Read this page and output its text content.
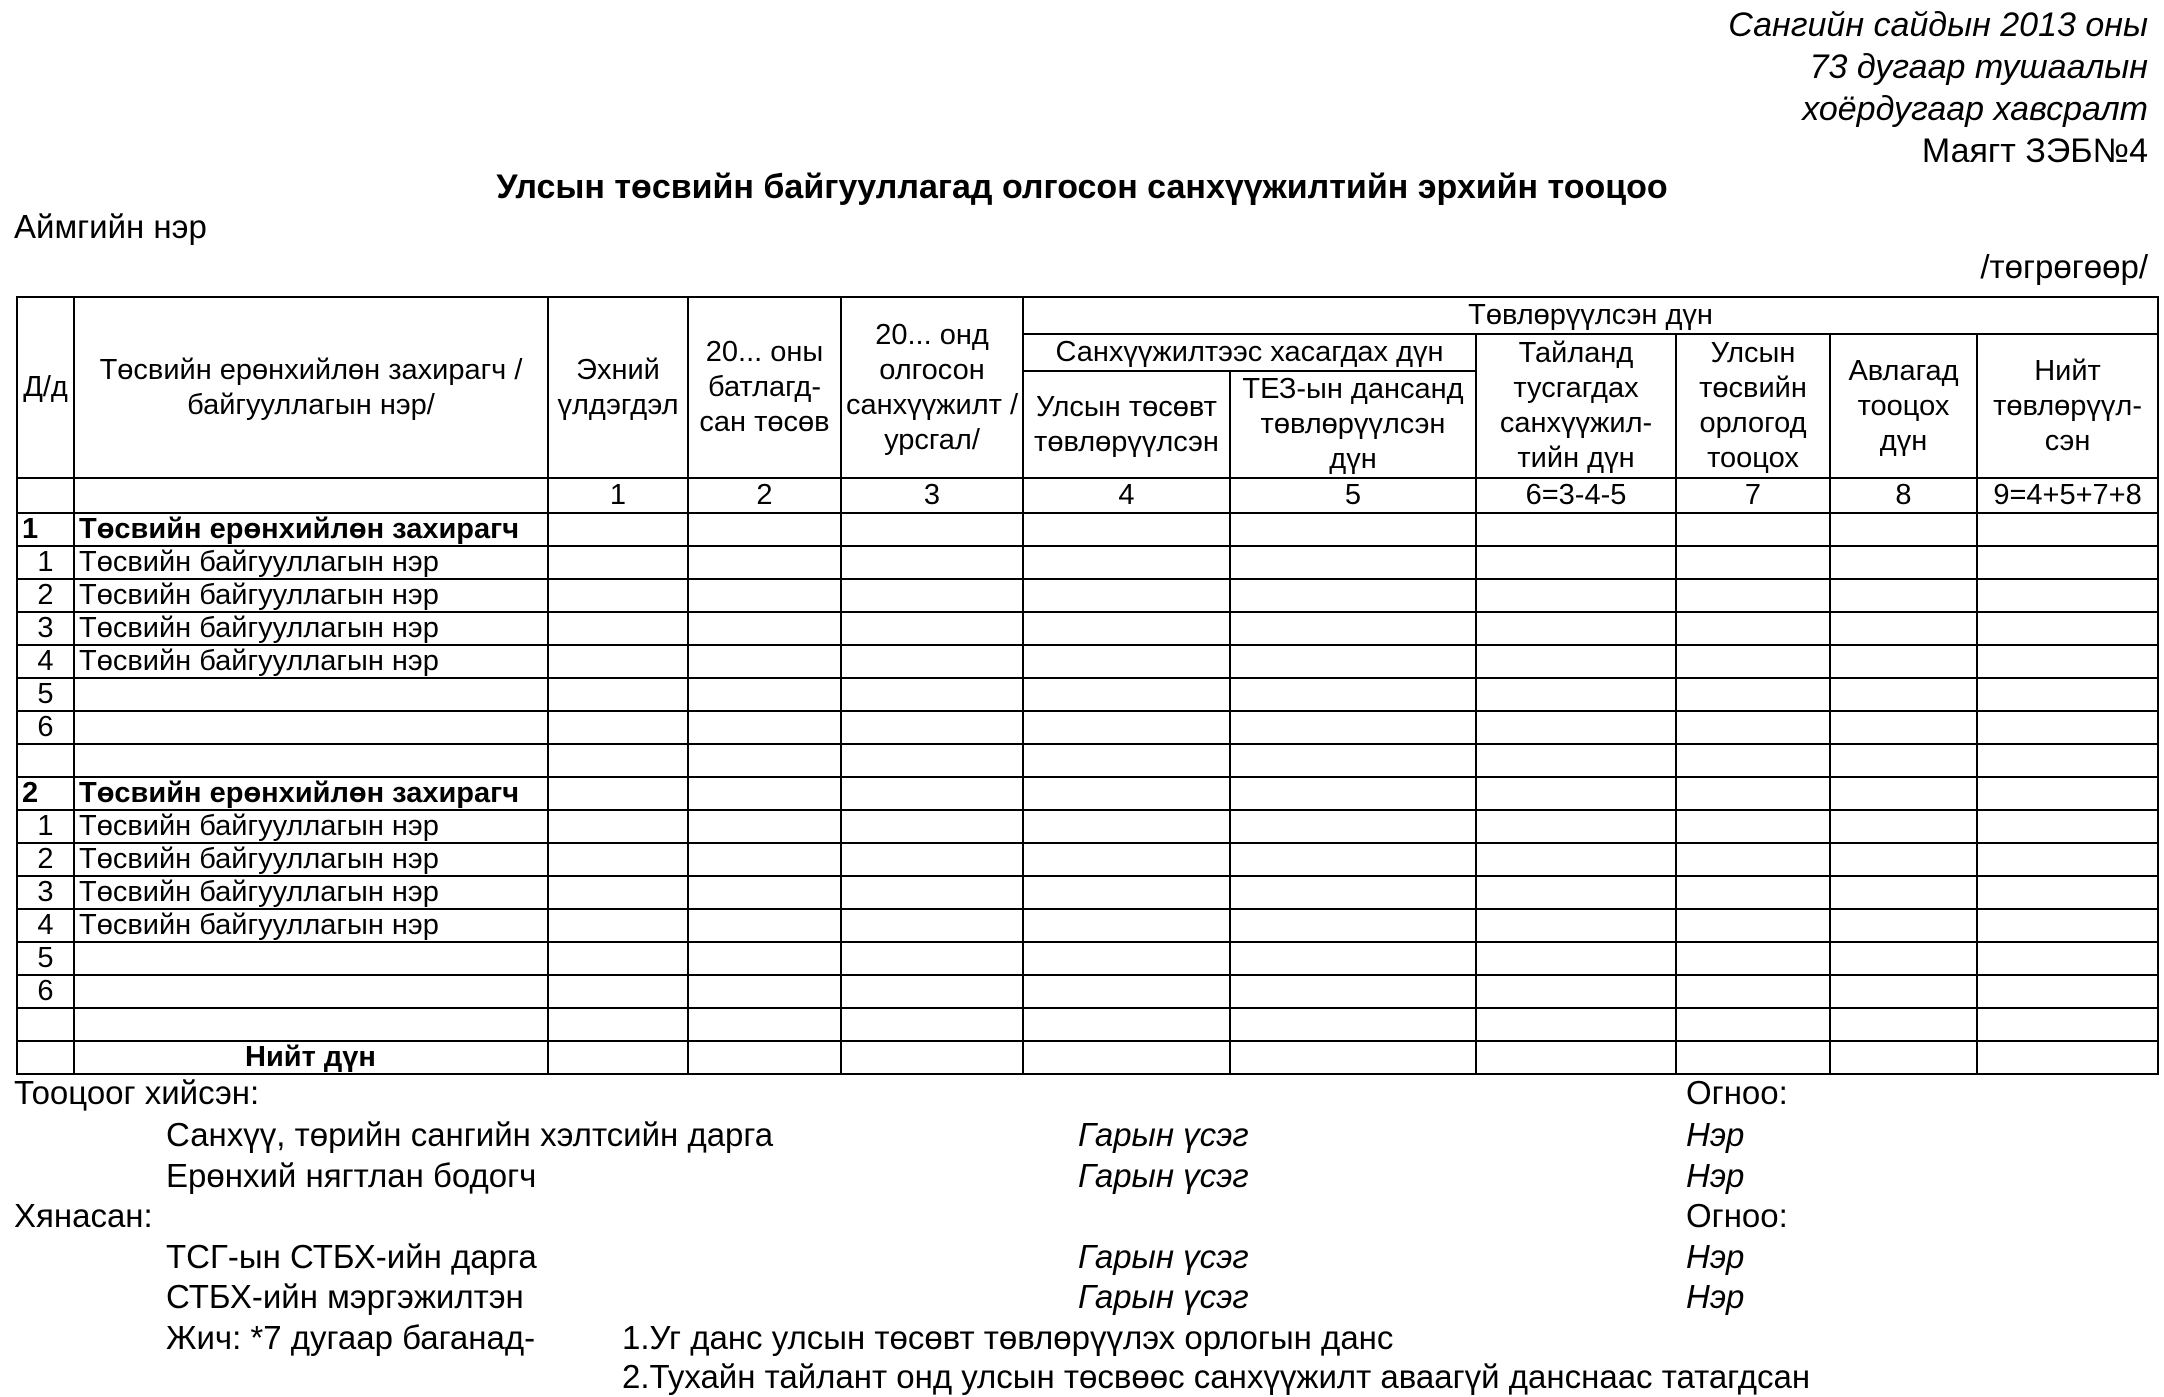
Сангийн сайдын 2013 оны
73 дугаар тушаалын
хоёрдугаар хавсралт
Маягт ЗЭБ№4
Улсын төсвийн байгууллагад олгосон санхүүжилтийн эрхийн тооцоо
Аймгийн нэр
/төгрөгөөр/
Д/д	Төсвийн ерөнхийлөн захирагч /байгууллагын нэр/	Эхний үлдэгдэл	20... оны батлагд-сан төсөв	20... онд олгосон санхүүжилт /урсгал/	Төвлөрүүлсэн дүн					
					Санхүүжилтээс хасагдах дүн		Тайланд тусгагдах санхүүжил-тийн дүн	Улсын төсвийн орлогод тооцох	Авлагад тооцох дүн	Нийт төвлөрүүл-сэн
					Улсын төсөвт төвлөрүүлсэн	ТЕЗ-ын дансанд төвлөрүүлсэн дүн				
		1	2	3	4	5	6=3-4-5	7	8	9=4+5+7+8
1	Төсвийн ерөнхийлөн захирагч									
1	Төсвийн байгууллагын нэр									
2	Төсвийн байгууллагын нэр									
3	Төсвийн байгууллагын нэр									
4	Төсвийн байгууллагын нэр									
5										
6										

2	Төсвийн ерөнхийлөн захирагч									
1	Төсвийн байгууллагын нэр									
2	Төсвийн байгууллагын нэр									
3	Төсвийн байгууллагын нэр									
4	Төсвийн байгууллагын нэр									
5										
6										

	Нийт дүн									
Тооцоог хийсэн:	Огноо:
Санхүү, төрийн сангийн хэлтсийн дарга	Гарын үсэг	Нэр
Ерөнхий нягтлан бодогч	Гарын үсэг	Нэр
Хянасан:	Огноо:
ТСГ-ын СТБХ-ийн дарга	Гарын үсэг	Нэр
СТБХ-ийн мэргэжилтэн	Гарын үсэг	Нэр
Жич: *7 дугаар баганад-	1.Уг данс улсын төсөвт төвлөрүүлэх орлогын данс
2.Тухайн тайлант онд улсын төсвөөс санхүүжилт аваагүй данснаас татагдсан
